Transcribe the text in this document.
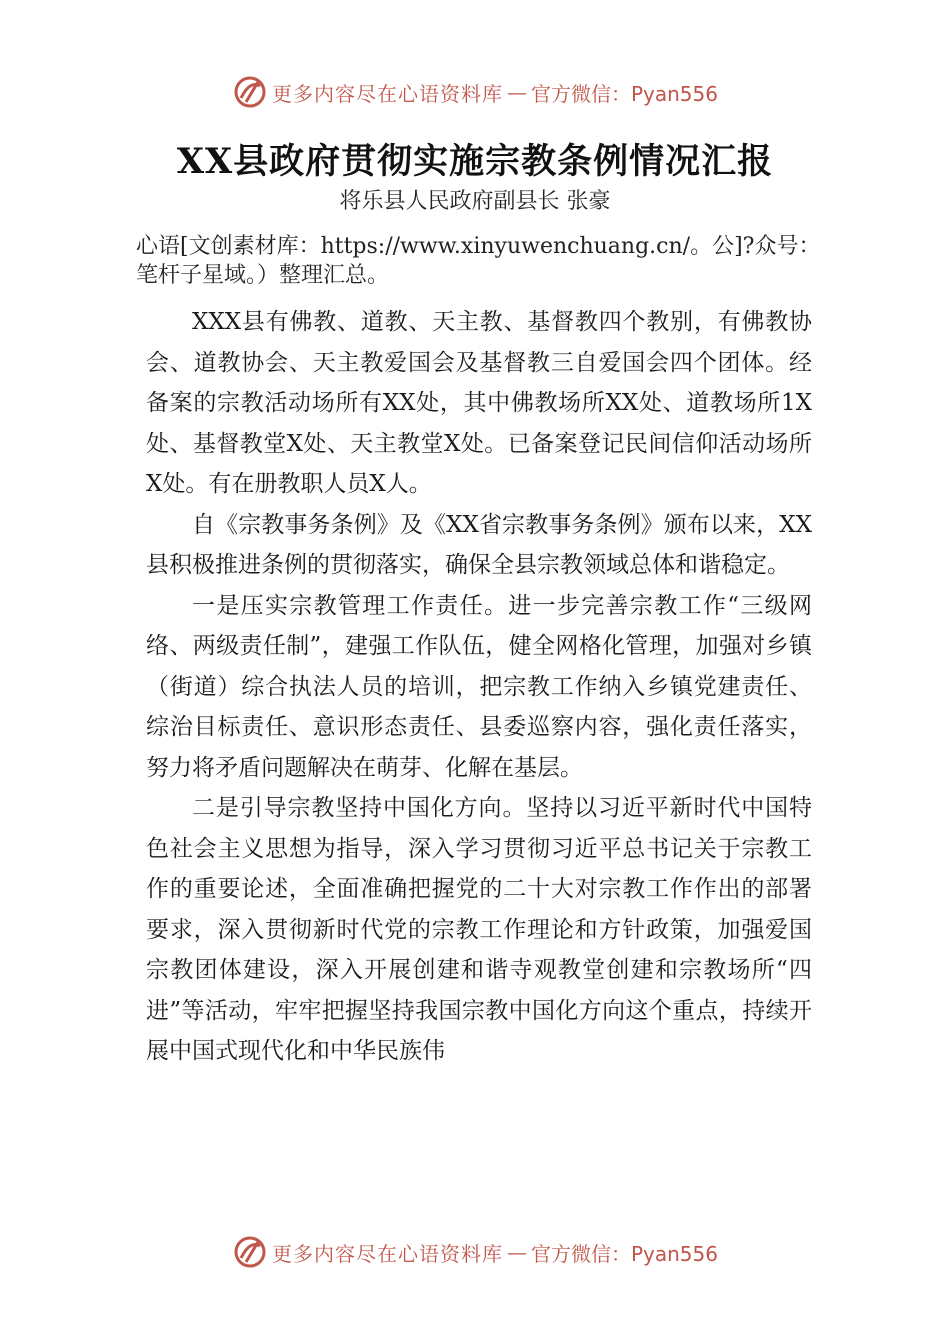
更多内容尽在心语资料库 — 官方微信：Pyan556
XX县政府贯彻实施宗教条例情况汇报
将乐县人民政府副县长 张豪
心语[文创素材库：https://www.xinyuwenchuang.cn/。公]?众号：笔杆子星域。）整理汇总。

XXX县有佛教、道教、天主教、基督教四个教别，有佛教协会、道教协会、天主教爱国会及基督教三自爱国会四个团体。经备案的宗教活动场所有XX处，其中佛教场所XX处、道教场所1X处、基督教堂X处、天主教堂X处。已备案登记民间信仰活动场所X处。有在册教职人员X人。

自《宗教事务条例》及《XX省宗教事务条例》颁布以来，XX县积极推进条例的贯彻落实，确保全县宗教领域总体和谐稳定。

一是压实宗教管理工作责任。进一步完善宗教工作“三级网络、两级责任制”，建强工作队伍，健全网格化管理，加强对乡镇（街道）综合执法人员的培训，把宗教工作纳入乡镇党建责任、综治目标责任、意识形态责任、县委巡察内容，强化责任落实，努力将矛盾问题解决在萌芽、化解在基层。

二是引导宗教坚持中国化方向。坚持以习近平新时代中国特色社会主义思想为指导，深入学习贯彻习近平总书记关于宗教工作的重要论述，全面准确把握党的二十大对宗教工作作出的部署要求，深入贯彻新时代党的宗教工作理论和方针政策，加强爱国宗教团体建设，深入开展创建和谐寺观教堂创建和宗教场所“四进”等活动，牢牢把握坚持我国宗教中国化方向这个重点，持续开展中国式现代化和中华民族伟

更多内容尽在心语资料库 — 官方微信：Pyan556
